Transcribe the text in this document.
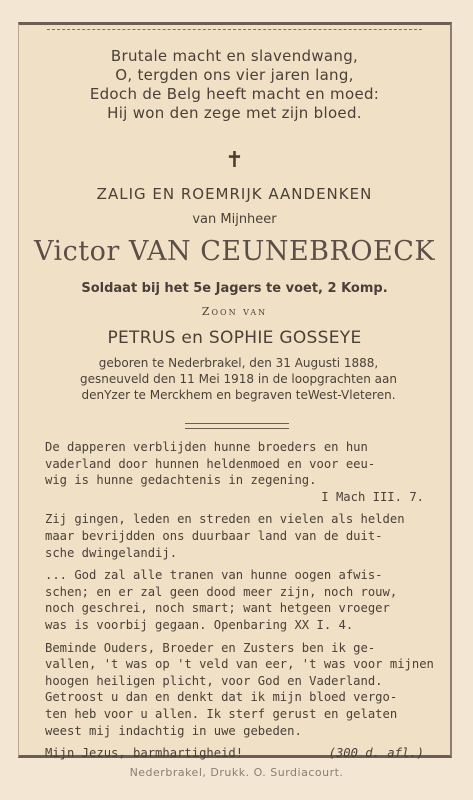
Brutale macht en slavendwang,
O, tergden ons vier jaren lang,
Edoch de Belg heeft macht en moed:
Hij won den zege met zijn bloed.
✝
ZALIG EN ROEMRIJK AANDENKEN
van Mijnheer
Victor VAN CEUNEBROECK
Soldaat bij het 5e Jagers te voet, 2 Komp.
Zoon van
PETRUS en SOPHIE GOSSEYE
geboren te Nederbrakel, den 31 Augusti 1888,
gesneuveld den 11 Mei 1918 in de loopgrachten aan
denYzer te Merckhem en begraven teWest-Vleteren.

De dapperen verblijden hunne broeders en hun
vaderland door hunnen heldenmoed en voor eeu-
wig is hunne gedachtenis in zegening.
I Mach III. 7.

Zij gingen, leden en streden en vielen als helden
maar bevrijdden ons duurbaar land van de duit-
sche dwingelandij.

... God zal alle tranen van hunne oogen afwis-
schen; en er zal geen dood meer zijn, noch rouw,
noch geschrei, noch smart; want hetgeen vroeger
was is voorbij gegaan. Openbaring XX I. 4.

Beminde Ouders, Broeder en Zusters ben ik ge-
vallen, 't was op 't veld van eer, 't was voor mijnen
hoogen heiligen plicht, voor God en Vaderland.
Getroost u dan en denkt dat ik mijn bloed vergo-
ten heb voor u allen. Ik sterf gerust en gelaten
weest mij indachtig in uwe gebeden.

Mijn Jezus, barmhartigheid!	(300 d. afl.)
Nederbrakel, Drukk. O. Surdiacourt.
